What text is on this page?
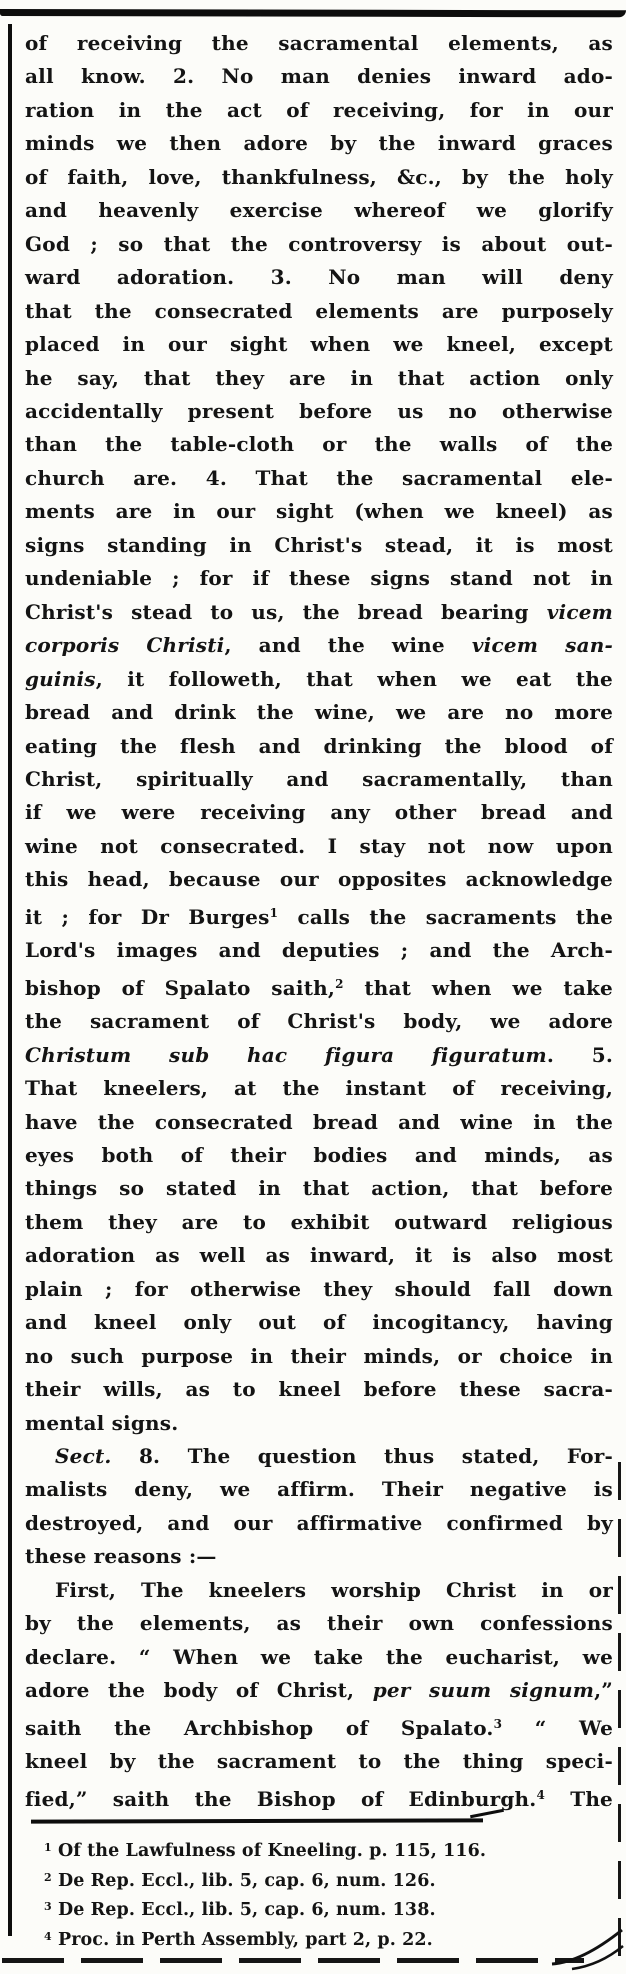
of receiving the sacramental elements, as
all know. 2. No man denies inward ado-
ration in the act of receiving, for in our
minds we then adore by the inward graces
of faith, love, thankfulness, &c., by the holy
and heavenly exercise whereof we glorify
God ; so that the controversy is about out-
ward adoration. 3. No man will deny
that the consecrated elements are purposely
placed in our sight when we kneel, except
he say, that they are in that action only
accidentally present before us no otherwise
than the table-cloth or the walls of the
church are. 4. That the sacramental ele-
ments are in our sight (when we kneel) as
signs standing in Christ's stead, it is most
undeniable ; for if these signs stand not in
Christ's stead to us, the bread bearing vicem
corporis Christi, and the wine vicem san-
guinis, it followeth, that when we eat the
bread and drink the wine, we are no more
eating the flesh and drinking the blood of
Christ, spiritually and sacramentally, than
if we were receiving any other bread and
wine not consecrated. I stay not now upon
this head, because our opposites acknowledge
it ; for Dr Burges$^1$ calls the sacraments the
Lord's images and deputies ; and the Arch-
bishop of Spalato saith,$^2$ that when we take
the sacrament of Christ's body, we adore
Christum sub hac figura figuratum. 5.
That kneelers, at the instant of receiving,
have the consecrated bread and wine in the
eyes both of their bodies and minds, as
things so stated in that action, that before
them they are to exhibit outward religious
adoration as well as inward, it is also most
plain ; for otherwise they should fall down
and kneel only out of incogitancy, having
no such purpose in their minds, or choice in
their wills, as to kneel before these sacra-
mental signs.
Sect. 8. The question thus stated, For-
malists deny, we affirm. Their negative is
destroyed, and our affirmative confirmed by
these reasons :—
First, The kneelers worship Christ in or
by the elements, as their own confessions
declare. “ When we take the eucharist, we
adore the body of Christ, per suum signum,”
saith the Archbishop of Spalato.$^3$ “ We
kneel by the sacrament to the thing speci-
fied,” saith the Bishop of Edinburgh.$^4$ The
$^1$ Of the Lawfulness of Kneeling. p. 115, 116.
$^2$ De Rep. Eccl., lib. 5, cap. 6, num. 126.
$^3$ De Rep. Eccl., lib. 5, cap. 6, num. 138.
$^4$ Proc. in Perth Assembly, part 2, p. 22.
